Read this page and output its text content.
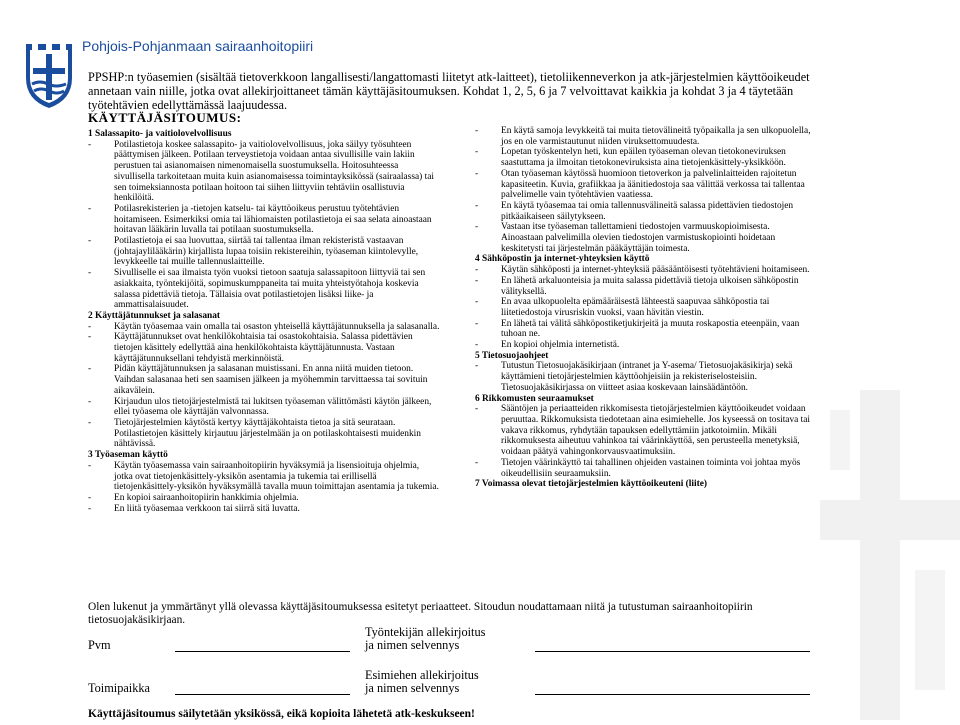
Pohjois-Pohjanmaan sairaanhoitopiiri
PPSHP:n työasemien (sisältää tietoverkkoon langallisesti/langattomasti liitetyt atk-laitteet), tietoliikenneverkon ja atk-järjestelmien käyttöoikeudet annetaan vain niille, jotka ovat allekirjoittaneet tämän käyttäjäsitoumuksen. Kohdat 1, 2, 5, 6 ja 7 velvoittavat kaikkia ja kohdat 3 ja 4 täytetään työtehtävien edellyttämässä laajuudessa.
KÄYTTÄJÄSITOUMUS:
1 Salassapito- ja vaitiolovelvollisuus
-	Potilastietoja koskee salassapito- ja vaitiolovelvollisuus, joka säilyy työsuhteen päättymisen jälkeen. Potilaan terveystietoja voidaan antaa sivullisille vain lakiin perustuen tai asianomaisen nimenomaisella suostumuksella. Hoitosuhteessa sivullisella tarkoitetaan muita kuin asianomaisessa toimintayksikössä (sairaalassa) tai sen toimeksiannosta potilaan hoitoon tai siihen liittyviin tehtäviin osallistuvia henkilöitä.
-	Potilasrekisterien ja -tietojen katselu- tai käyttöoikeus perustuu työtehtävien hoitamiseen. Esimerkiksi omia tai lähiomaisten potilastietoja ei saa selata ainoastaan hoitavan lääkärin luvalla tai potilaan suostumuksella.
-	Potilastietoja ei saa luovuttaa, siirtää tai tallentaa ilman rekisteristä vastaavan (johtajaylilääkärin) kirjallista lupaa toisiin rekistereihin, työaseman kiintolevylle, levykkeelle tai muille tallennuslaitteille.
-	Sivulliselle ei saa ilmaista työn vuoksi tietoon saatuja salassapitoon liittyviä tai sen asiakkaita, työntekijöitä, sopimuskumppaneita tai muita yhteistyötahoja koskevia salassa pidettäviä tietoja. Tällaisia ovat potilastietojen lisäksi liike- ja ammattisalaisuudet.
2 Käyttäjätunnukset ja salasanat
-	Käytän työasemaa vain omalla tai osaston yhteisellä käyttäjätunnuksella ja salasanalla.
-	Käyttäjätunnukset ovat henkilökohtaisia tai osastokohtaisia. Salassa pidettävien tietojen käsittely edellyttää aina henkilökohtaista käyttäjätunnusta. Vastaan käyttäjätunnuksellani tehdyistä merkinnöistä.
-	Pidän käyttäjätunnuksen ja salasanan muistissani. En anna niitä muiden tietoon. Vaihdan salasanaa heti sen saamisen jälkeen ja myöhemmin tarvittaessa tai sovituin aikavälein.
-	Kirjaudun ulos tietojärjestelmistä tai lukitsen työaseman välittömästi käytön jälkeen, ellei työasema ole käyttäjän valvonnassa.
-	Tietojärjestelmien käytöstä kertyy käyttäjäkohtaista tietoa ja sitä seurataan. Potilastietojen käsittely kirjautuu järjestelmään ja on potilaskohtaisesti muidenkin nähtävissä.
3 Työaseman käyttö
-	Käytän työasemassa vain sairaanhoitopiirin hyväksymiä ja lisensioituja ohjelmia, jotka ovat tietojenkäsittely-yksikön asentamia ja tukemia tai erillisellä tietojenkäsittely-yksikön hyväksymällä tavalla muun toimittajan asentamia ja tukemia.
-	En kopioi sairaanhoitopiirin hankkimia ohjelmia.
-	En liitä työasemaa verkkoon tai siirrä sitä luvatta.
-	En käytä samoja levykkeitä tai muita tietovälineitä työpaikalla ja sen ulkopuolella, jos en ole varmistautunut niiden viruksettomuudesta.
-	Lopetan työskentelyn heti, kun epäilen työaseman olevan tietokoneviruksen saastuttama ja ilmoitan tietokoneviruksista aina tietojenkäsittely-yksikköön.
-	Otan työaseman käytössä huomioon tietoverkon ja palvelinlaitteiden rajoitetun kapasiteetin. Kuvia, grafiikkaa ja äänitiedostoja saa välittää verkossa tai tallentaa palvelimelle vain työtehtävien vaatiessa.
-	En käytä työasemaa tai omia tallennusvälineitä salassa pidettävien tiedostojen pitkäaikaiseen säilytykseen.
-	Vastaan itse työaseman tallettamieni tiedostojen varmuuskopioimisesta. Ainoastaan palvelimilla olevien tiedostojen varmistuskopiointi hoidetaan keskitetysti tai järjestelmän pääkäyttäjän toimesta.
4 Sähköpostin ja internet-yhteyksien käyttö
-	Käytän sähköposti ja internet-yhteyksiä pääsääntöisesti työtehtävieni hoitamiseen.
-	En lähetä arkaluonteisia ja muita salassa pidettäviä tietoja ulkoisen sähköpostin välityksellä.
-	En avaa ulkopuolelta epämääräisestä lähteestä saapuvaa sähköpostia tai liitetiedostoja virusriskin vuoksi, vaan hävitän viestin.
-	En lähetä tai välitä sähköpostiketjukirjeitä ja muuta roskapostia eteenpäin, vaan tuhoan ne.
-	En kopioi ohjelmia internetistä.
5 Tietosuojaohjeet
-	Tutustun Tietosuojakäsikirjaan (intranet ja Y-asema/ Tietosuojakäsikirja) sekä käyttämieni tietojärjestelmien käyttöohjeisiin ja rekisteriselosteisiin. Tietosuojakäsikirjassa on viitteet asiaa koskevaan lainsäädäntöön.
6 Rikkomusten seuraamukset
-	Sääntöjen ja periaatteiden rikkomisesta tietojärjestelmien käyttöoikeudet voidaan peruuttaa. Rikkomuksista tiedotetaan aina esimiehelle. Jos kyseessä on tositava tai vakava rikkomus, ryhdytään tapauksen edellyttämiin jatkotoimiin. Mikäli rikkomuksesta aiheutuu vahinkoa tai väärinkäyttöä, sen perusteella menetyksiä, voidaan päätyä vahingonkorvausvaatimuksiin.
-	Tietojen väärinkäyttö tai tahallinen ohjeiden vastainen toiminta voi johtaa myös oikeudellisiin seuraamuksiin.
7 Voimassa olevat tietojärjestelmien käyttöoikeuteni (liite)
Olen lukenut ja ymmärtänyt yllä olevassa käyttäjäsitoumuksessa esitetyt periaatteet. Sitoudun noudattamaan niitä ja tutustuman sairaanhoitopiirin tietosuojakäsikirjaan.
Työntekijän allekirjoitus
Pvm	ja nimen selvennys
Esimiehen allekirjoitus
Toimipaikka	ja nimen selvennys
Käyttäjäsitoumus säilytetään yksikössä, eikä kopioita lähetetä atk-keskukseen!
